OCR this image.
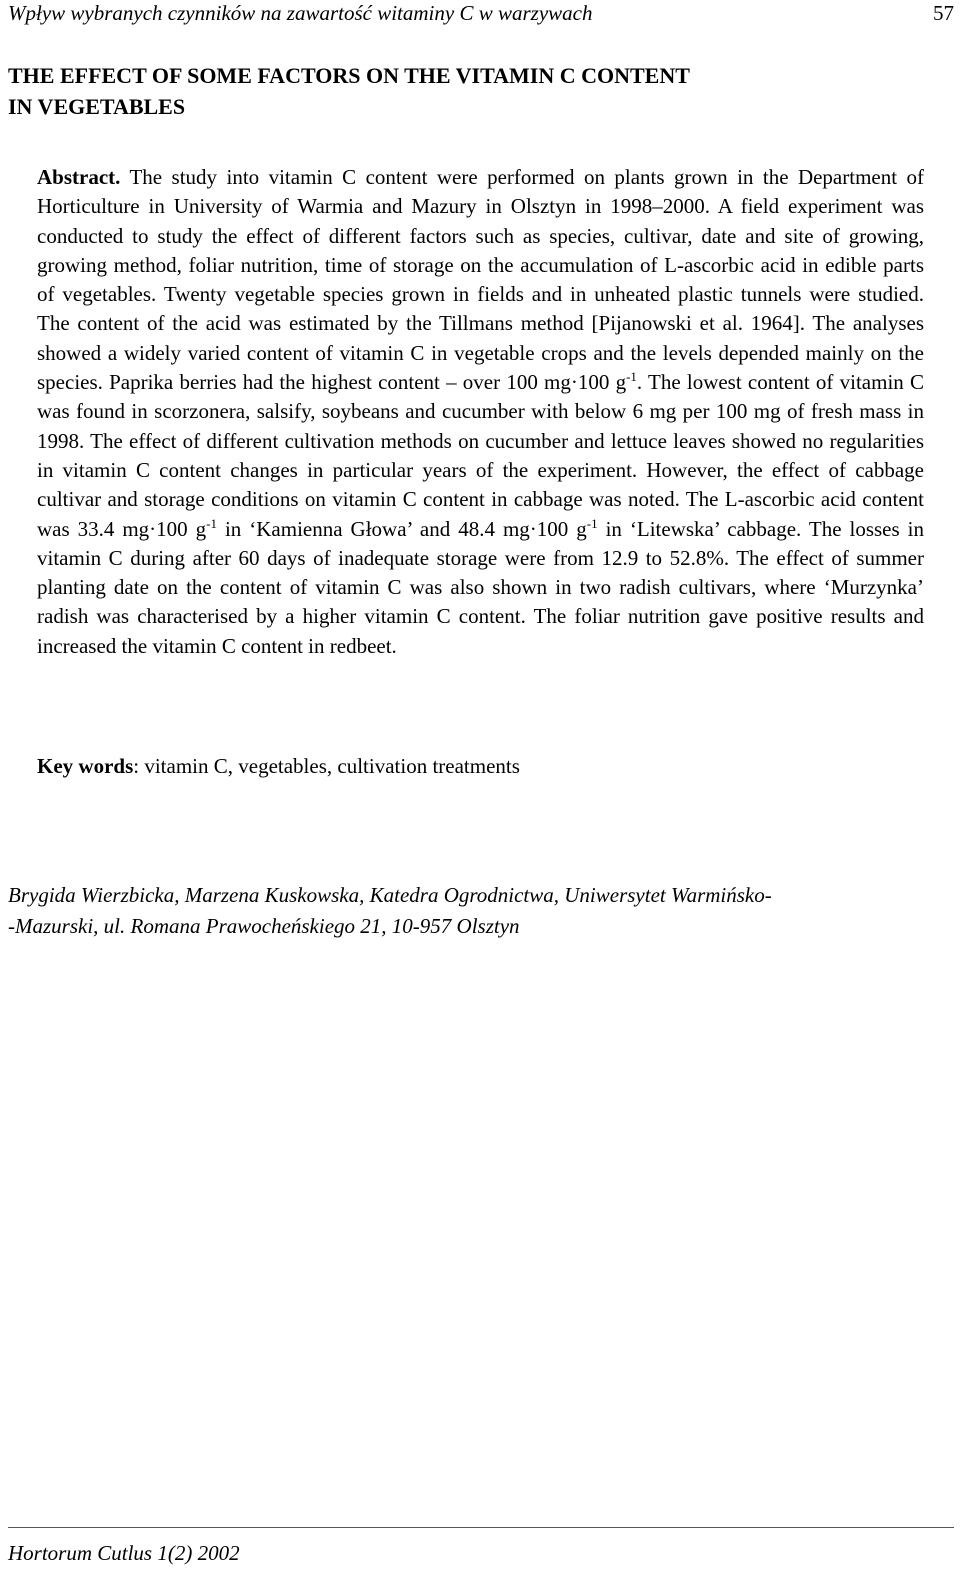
Wpływ wybranych czynników na zawartość witaminy C w warzywach	57
THE EFFECT OF SOME FACTORS ON THE VITAMIN C CONTENT
IN VEGETABLES

Abstract. The study into vitamin C content were performed on plants grown in the Department of Horticulture in University of Warmia and Mazury in Olsztyn in 1998–2000. A field experiment was conducted to study the effect of different factors such as species, cultivar, date and site of growing, growing method, foliar nutrition, time of storage on the accumulation of L-ascorbic acid in edible parts of vegetables. Twenty vegetable species grown in fields and in unheated plastic tunnels were studied. The content of the acid was estimated by the Tillmans method [Pijanowski et al. 1964]. The analyses showed a widely varied content of vitamin C in vegetable crops and the levels depended mainly on the species. Paprika berries had the highest content – over 100 mg·100 $g^{-1}$. The lowest content of vitamin C was found in scorzonera, salsify, soybeans and cucumber with below 6 mg per 100 mg of fresh mass in 1998. The effect of different cultivation methods on cucumber and lettuce leaves showed no regularities in vitamin C content changes in particular years of the experiment. However, the effect of cabbage cultivar and storage conditions on vitamin C content in cabbage was noted. The L-ascorbic acid content was 33.4 mg·100 $g^{-1}$ in ‘Kamienna Głowa’ and 48.4 mg·100 $g^{-1}$ in ‘Litewska’ cabbage. The losses in vitamin C during after 60 days of inadequate storage were from 12.9 to 52.8%. The effect of summer planting date on the content of vitamin C was also shown in two radish cultivars, where ‘Murzynka’ radish was characterised by a higher vitamin C content. The foliar nutrition gave positive results and increased the vitamin C content in redbeet.

Key words: vitamin C, vegetables, cultivation treatments

Brygida Wierzbicka, Marzena Kuskowska, Katedra Ogrodnictwa, Uniwersytet Warmińsko-
-Mazurski, ul. Romana Prawocheńskiego 21, 10-957 Olsztyn

Hortorum Cutlus 1(2) 2002
